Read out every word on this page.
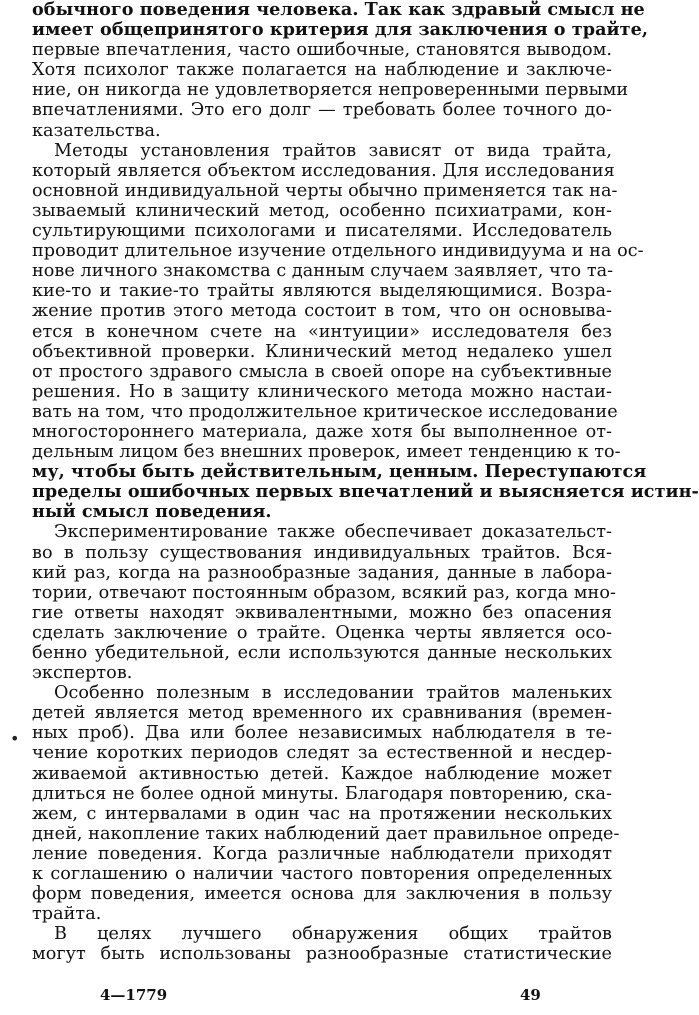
обычного поведения человека. Так как здравый смысл не
имеет общепринятого критерия для заключения о трайте,
первые впечатления, часто ошибочные, становятся выводом.
Хотя психолог также полагается на наблюдение и заключе-
ние, он никогда не удовлетворяется непроверенными первыми
впечатлениями. Это его долг — требовать более точного до-
казательства.
Методы установления трайтов зависят от вида трайта,
который является объектом исследования. Для исследования
основной индивидуальной черты обычно применяется так на-
зываемый клинический метод, особенно психиатрами, кон-
сультирующими психологами и писателями. Исследователь
проводит длительное изучение отдельного индивидуума и на ос-
нове личного знакомства с данным случаем заявляет, что та-
кие-то и такие-то трайты являются выделяющимися. Возра-
жение против этого метода состоит в том, что он основыва-
ется в конечном счете на «интуиции» исследователя без
объективной проверки. Клинический метод недалеко ушел
от простого здравого смысла в своей опоре на субъективные
решения. Но в защиту клинического метода можно настаи-
вать на том, что продолжительное критическое исследование
многостороннего материала, даже хотя бы выполненное от-
дельным лицом без внешних проверок, имеет тенденцию к то-
му, чтобы быть действительным, ценным. Переступаются
пределы ошибочных первых впечатлений и выясняется истин-
ный смысл поведения.
Экспериментирование также обеспечивает доказательст-
во в пользу существования индивидуальных трайтов. Вся-
кий раз, когда на разнообразные задания, данные в лабора-
тории, отвечают постоянным образом, всякий раз, когда мно-
гие ответы находят эквивалентными, можно без опасения
сделать заключение о трайте. Оценка черты является осо-
бенно убедительной, если используются данные нескольких
экспертов.
Особенно полезным в исследовании трайтов маленьких
детей является метод временного их сравнивания (времен-
ных проб). Два или более независимых наблюдателя в те-
чение коротких периодов следят за естественной и несдер-
живаемой активностью детей. Каждое наблюдение может
длиться не более одной минуты. Благодаря повторению, ска-
жем, с интервалами в один час на протяжении нескольких
дней, накопление таких наблюдений дает правильное опреде-
ление поведения. Когда различные наблюдатели приходят
к соглашению о наличии частого повторения определенных
форм поведения, имеется основа для заключения в пользу
трайта.
В целях лучшего обнаружения общих трайтов
могут быть использованы разнообразные статистические
•
4—1779	49
